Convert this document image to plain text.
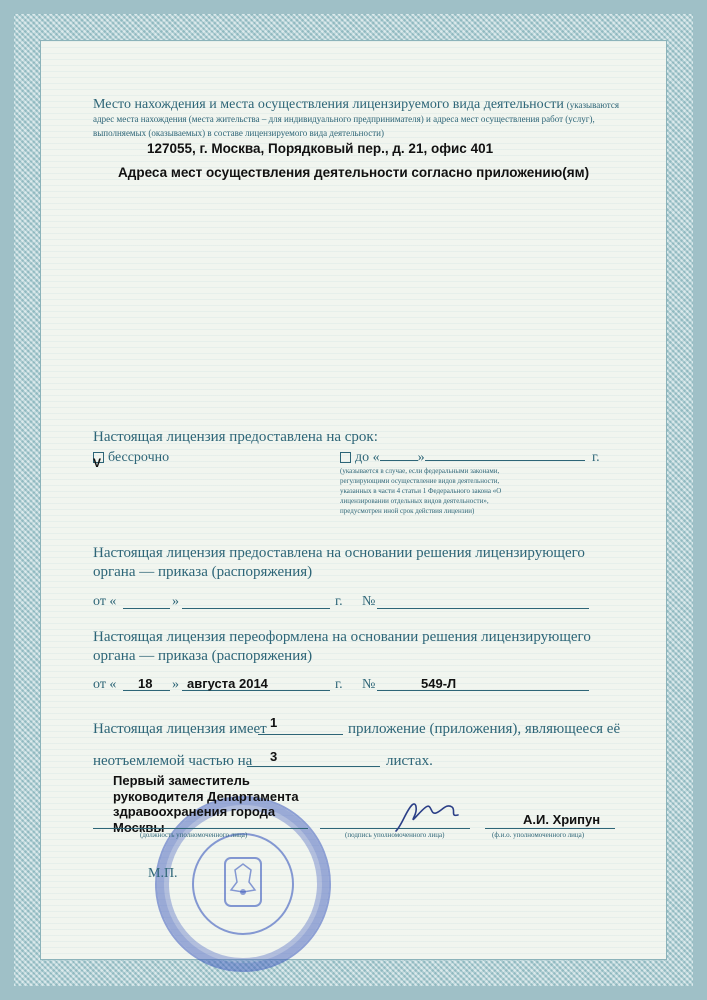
Место нахождения и места осуществления лицензируемого вида деятельности (указываются адрес места нахождения (места жительства – для индивидуального предпринимателя) и адреса мест осуществления работ (услуг), выполняемых (оказываемых) в составе лицензируемого вида деятельности)
127055, г. Москва, Порядковый пер., д. 21, офис 401
Адреса мест осуществления деятельности согласно приложению(ям)
Настоящая лицензия предоставлена на срок:
бессрочно
V	до «	»	г.
(указывается в случае, если федеральными законами, регулирующими осуществление видов деятельности, указанных в части 4 статьи 1 Федерального закона «О лицензировании отдельных видов деятельности», предусмотрен иной срок действия лицензии)
Настоящая лицензия предоставлена на основании решения лицензирующего органа — приказа (распоряжения)
от «	»	г. №
Настоящая лицензия переоформлена на основании решения лицензирующего органа — приказа (распоряжения)
от « 18 » августа 2014	г. №	549-Л
Настоящая лицензия имеет 1	приложение (приложения), являющееся её
неотъемлемой частью на 3	листах.
Первый заместитель руководителя Департамента здравоохранения города Москвы
(должность уполномоченного лица)	(подпись уполномоченного лица)
А.И. Хрипун
(ф.и.о. уполномоченного лица)
М.П.
